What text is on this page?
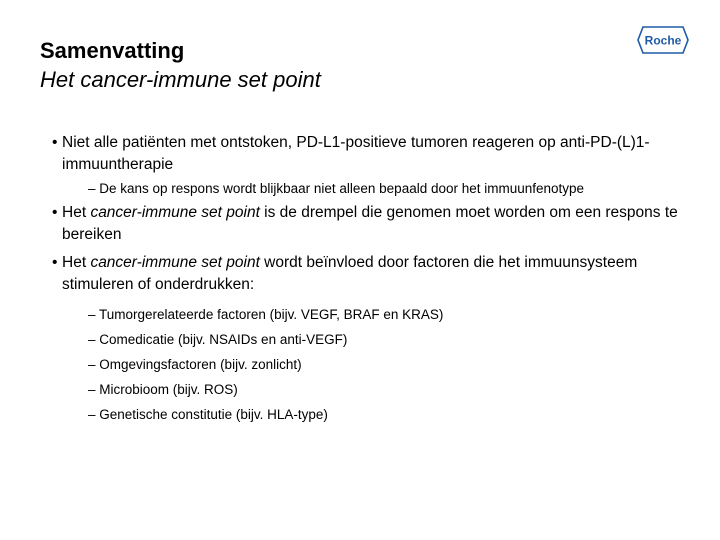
Samenvatting
Het cancer-immune set point
Roche
• Niet alle patiënten met ontstoken, PD-L1-positieve tumoren reageren op anti-PD-(L)1-immuuntherapie
– De kans op respons wordt blijkbaar niet alleen bepaald door het immuunfenotype
• Het cancer-immune set point is de drempel die genomen moet worden om een respons te bereiken
• Het cancer-immune set point wordt beïnvloed door factoren die het immuunsysteem stimuleren of onderdrukken:
– Tumorgerelateerde factoren (bijv. VEGF, BRAF en KRAS)
– Comedicatie (bijv. NSAIDs en anti-VEGF)
– Omgevingsfactoren (bijv. zonlicht)
– Microbioom (bijv. ROS)
– Genetische constitutie (bijv. HLA-type)
